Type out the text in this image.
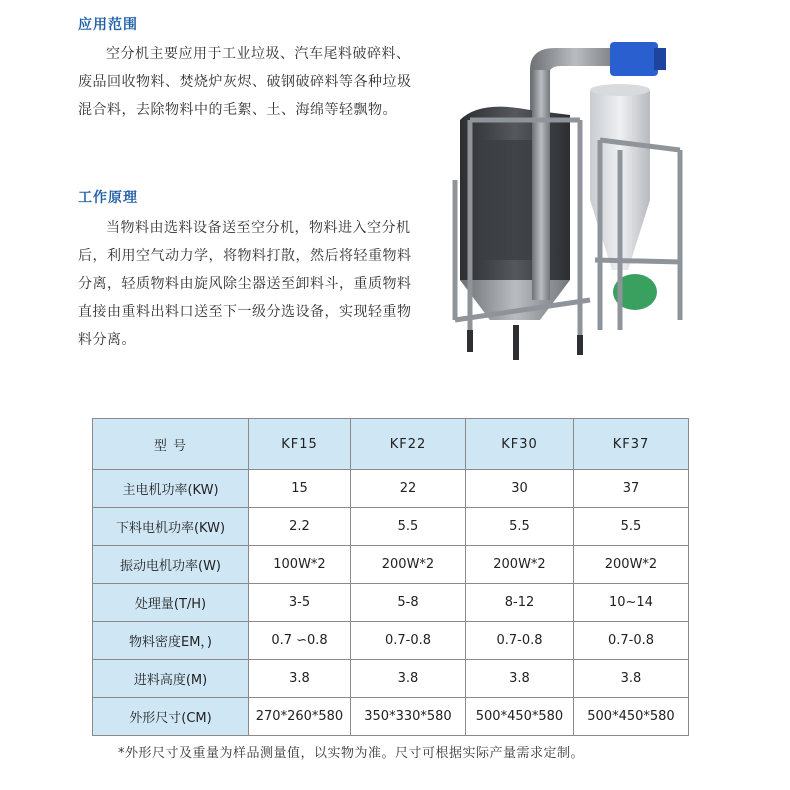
应用范围
空分机主要应用于工业垃圾、汽车尾料破碎料、废品回收物料、焚烧炉灰烬、破钢破碎料等各种垃圾混合料，去除物料中的毛絮、土、海绵等轻飘物。
工作原理
当物料由选料设备送至空分机，物料进入空分机后，利用空气动力学，将物料打散，然后将轻重物料分离，轻质物料由旋风除尘器送至卸料斗，重质物料直接由重料出料口送至下一级分选设备，实现轻重物料分离。
型 号	KF15	KF22	KF30	KF37
主电机功率(KW)	15	22	30	37
下料电机功率(KW)	2.2	5.5	5.5	5.5
振动电机功率(W)	100W*2	200W*2	200W*2	200W*2
处理量(T/H)	3-5	5-8	8-12	10~14
物料密度EM，)	0.7 ∽0.8	0.7-0.8	0.7-0.8	0.7-0.8
进料高度(M)	3.8	3.8	3.8	3.8
外形尺寸(CM)	270*260*580	350*330*580	500*450*580	500*450*580
*外形尺寸及重量为样品测量值，以实物为准。尺寸可根据实际产量需求定制。
